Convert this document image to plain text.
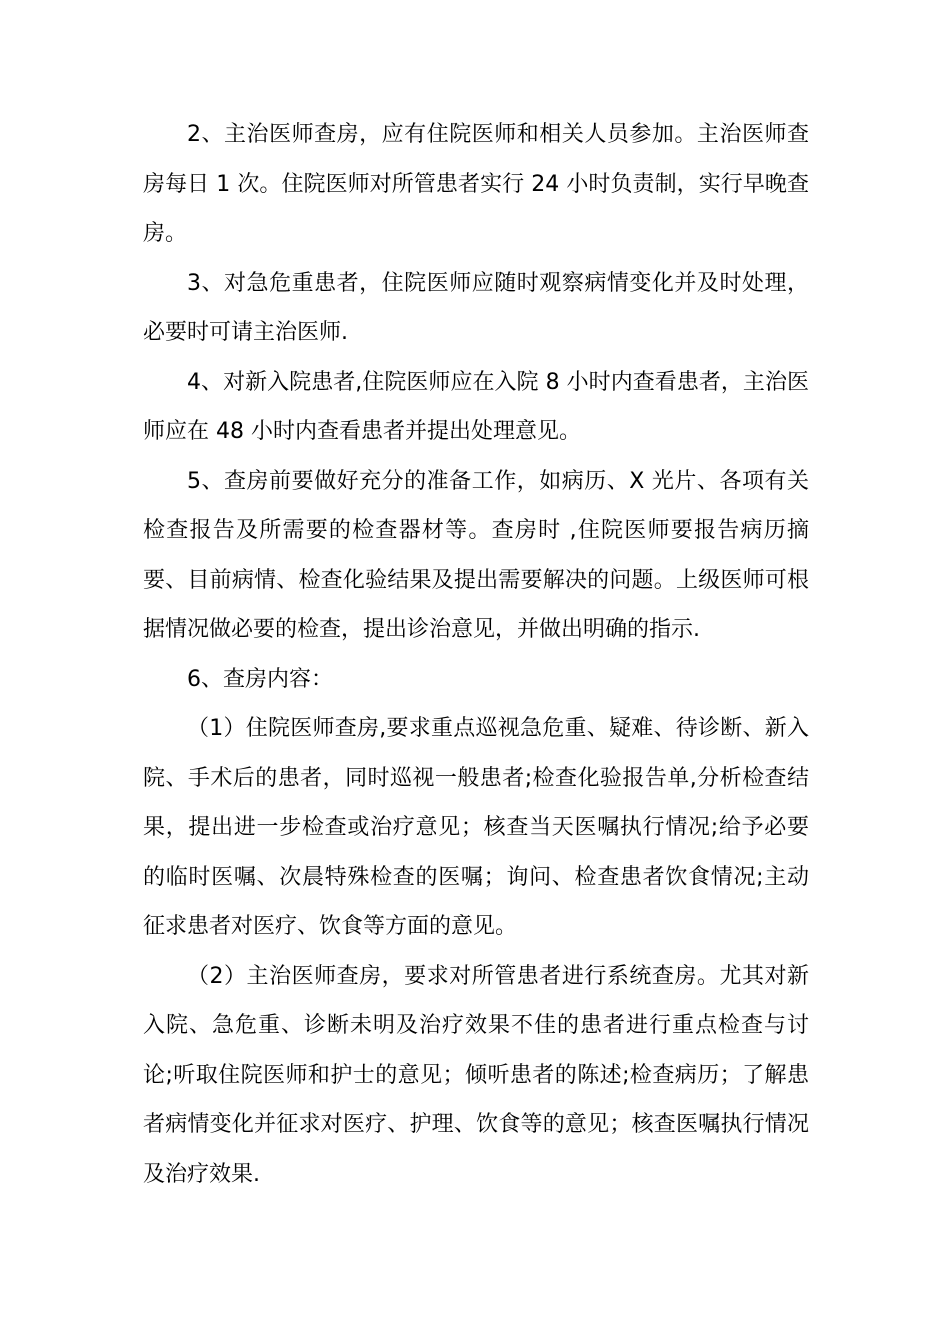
2、主治医师查房，应有住院医师和相关人员参加。主治医师查房每日 1 次。住院医师对所管患者实行 24 小时负责制，实行早晚查房。

3、对急危重患者，住院医师应随时观察病情变化并及时处理，必要时可请主治医师.

4、对新入院患者,住院医师应在入院 8 小时内查看患者，主治医师应在 48 小时内查看患者并提出处理意见。

5、查房前要做好充分的准备工作，如病历、X 光片、各项有关检查报告及所需要的检查器材等。查房时 ,住院医师要报告病历摘要、目前病情、检查化验结果及提出需要解决的问题。上级医师可根据情况做必要的检查，提出诊治意见，并做出明确的指示.

6、查房内容：

（1）住院医师查房,要求重点巡视急危重、疑难、待诊断、新入院、手术后的患者，同时巡视一般患者;检查化验报告单,分析检查结果，提出进一步检查或治疗意见；核查当天医嘱执行情况;给予必要的临时医嘱、次晨特殊检查的医嘱；询问、检查患者饮食情况;主动征求患者对医疗、饮食等方面的意见。

（2）主治医师查房，要求对所管患者进行系统查房。尤其对新入院、急危重、诊断未明及治疗效果不佳的患者进行重点检查与讨论;听取住院医师和护士的意见；倾听患者的陈述;检查病历；了解患者病情变化并征求对医疗、护理、饮食等的意见；核查医嘱执行情况及治疗效果.
